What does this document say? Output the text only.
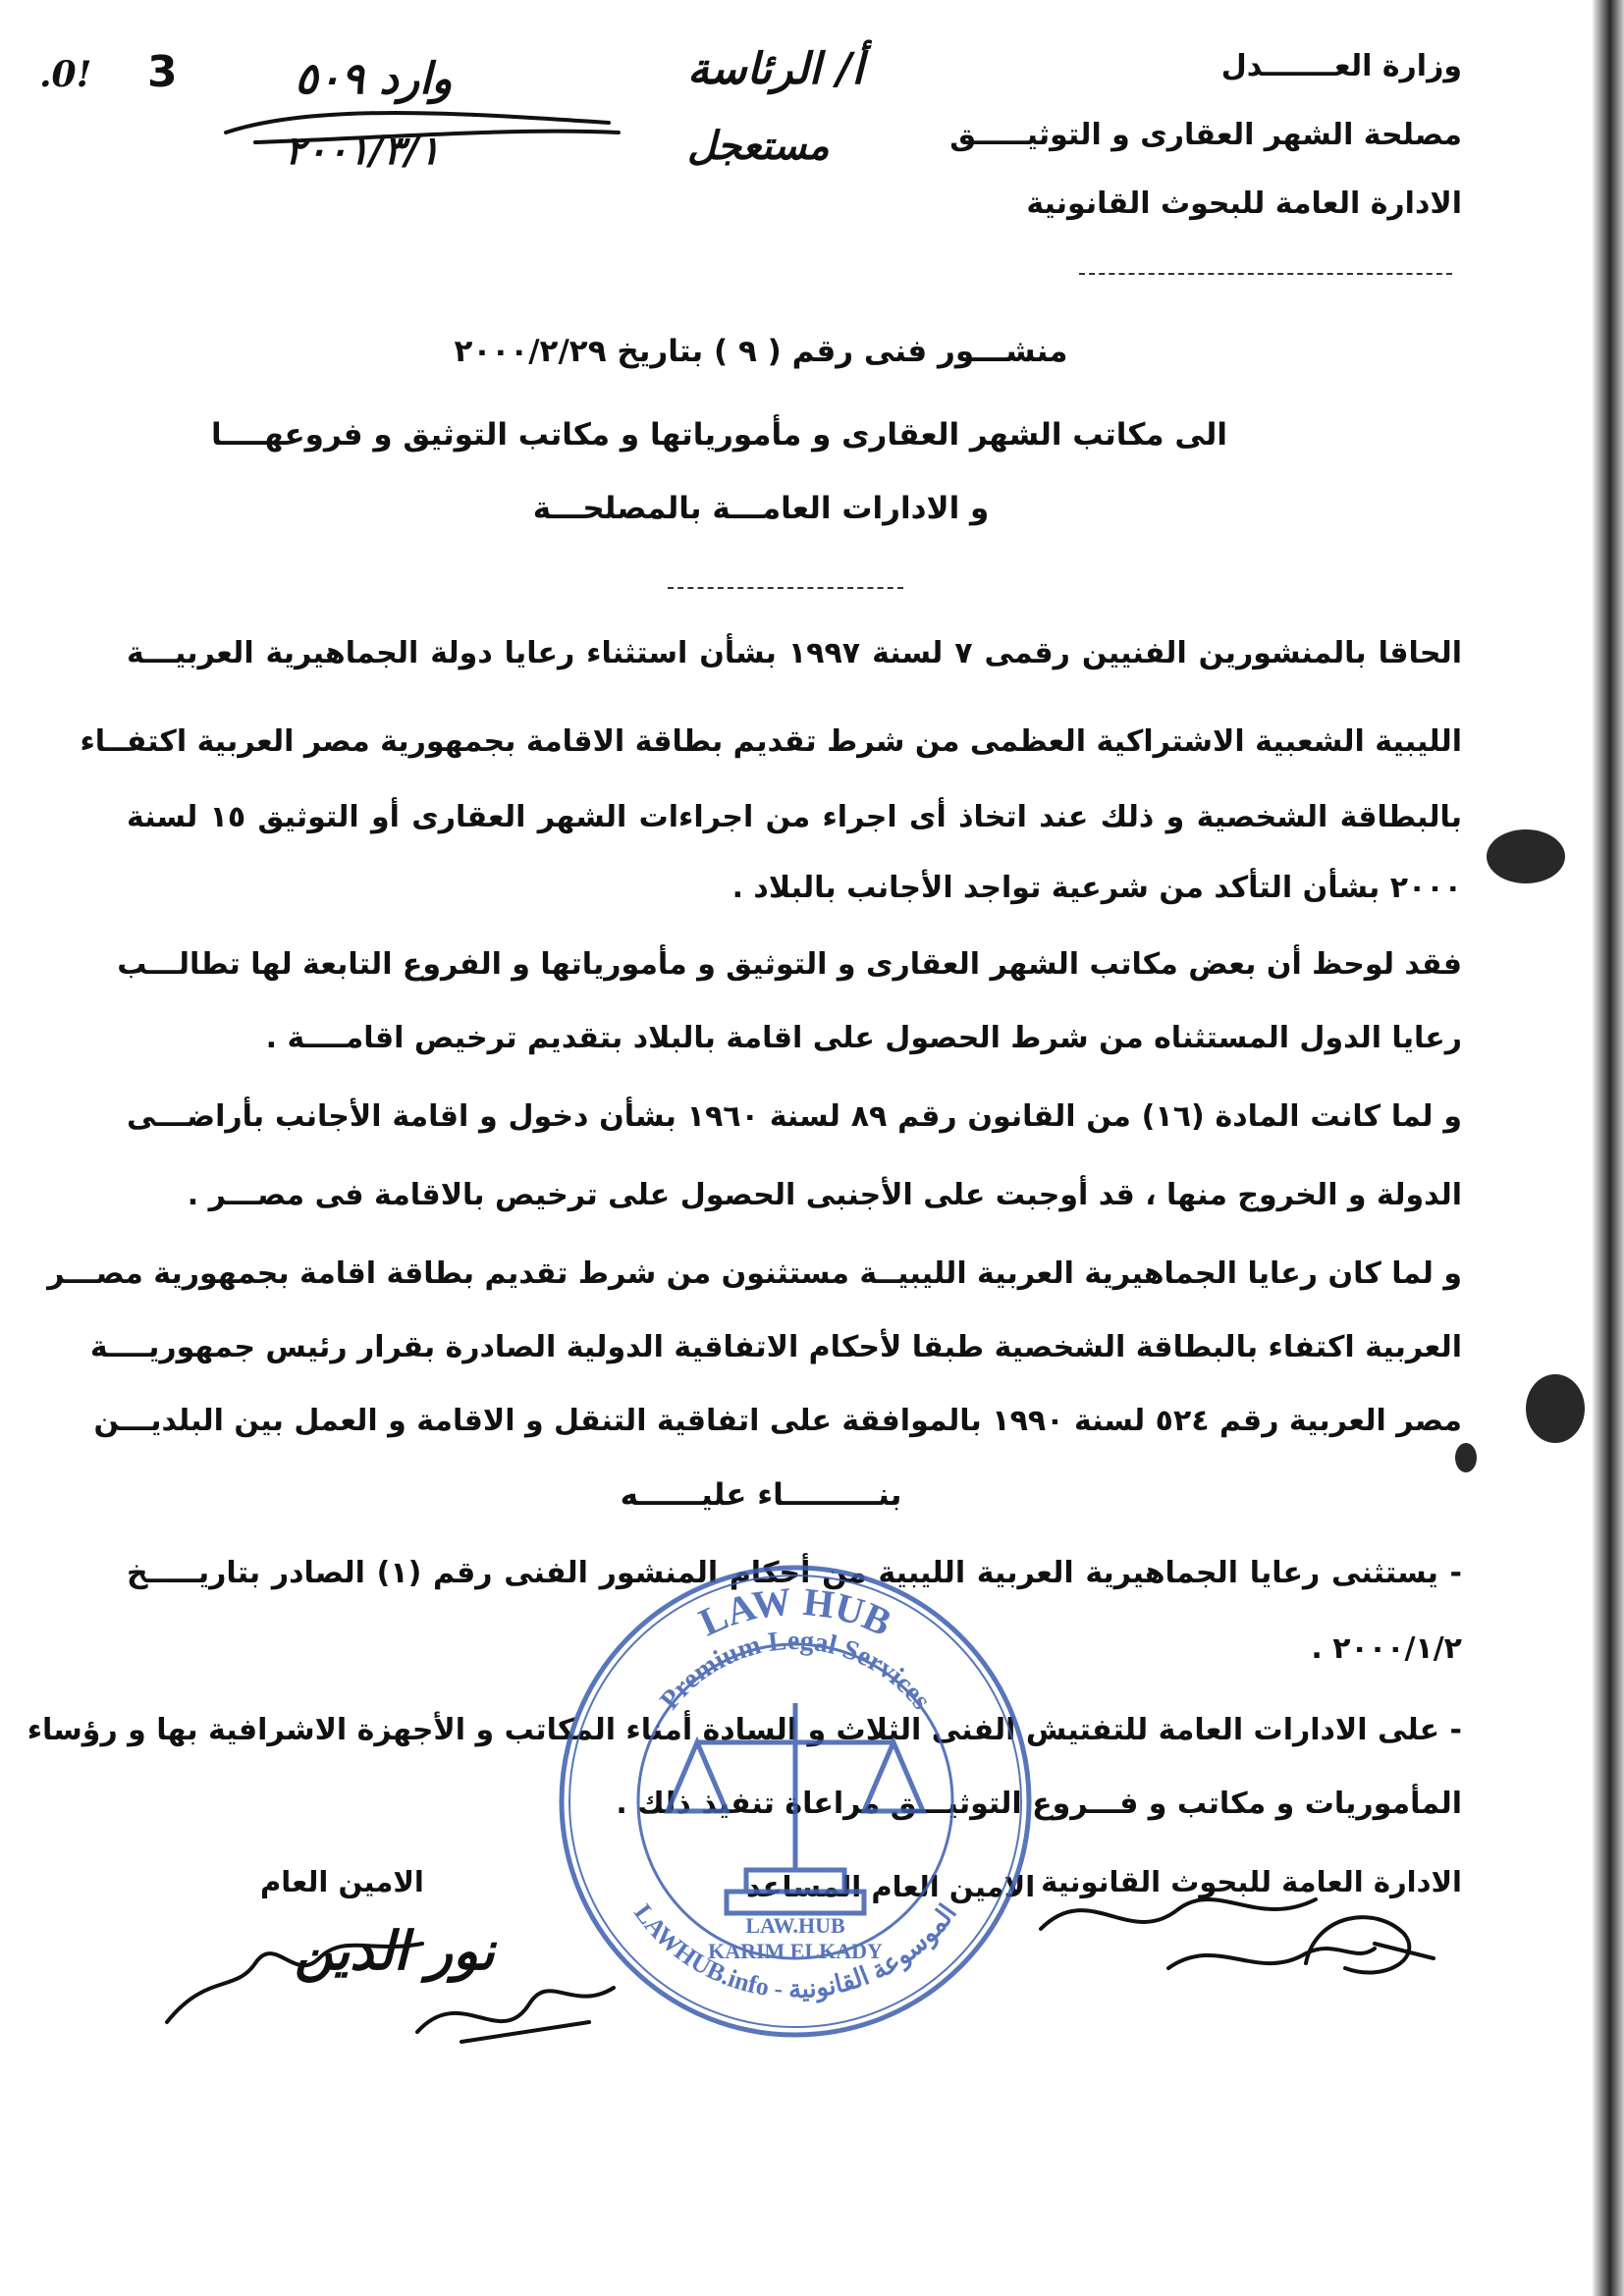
.0! 3	وارد ٥٠٩
٢٠٠١/٣/١
أ/ الرئاسة
مستعجل
وزارة العـــــــدل
مصلحة الشهر العقارى و التوثيـــــق
الادارة العامة للبحوث القانونية
منشـــور فنى رقم ( ٩ ) بتاريخ ٢٠٠٠/٢/٢٩
الى مكاتب الشهر العقارى و مأمورياتها و مكاتب التوثيق و فروعهــــا
و الادارات العامـــة بالمصلحـــة
الحاقا بالمنشورين الفنيين رقمى ٧ لسنة ١٩٩٧ بشأن استثناء رعايا دولة الجماهيرية العربيـــة
الليبية الشعبية الاشتراكية العظمى من شرط تقديم بطاقة الاقامة بجمهورية مصر العربية اكتفــاء
بالبطاقة الشخصية و ذلك عند اتخاذ أى اجراء من اجراءات الشهر العقارى أو التوثيق ١٥ لسنة
٢٠٠٠ بشأن التأكد من شرعية تواجد الأجانب بالبلاد .
فقد لوحظ أن بعض مكاتب الشهر العقارى و التوثيق و مأمورياتها و الفروع التابعة لها تطالـــب
رعايا الدول المستثناه من شرط الحصول على اقامة بالبلاد بتقديم ترخيص اقامــــة .
و لما كانت المادة (١٦) من القانون رقم ٨٩ لسنة ١٩٦٠ بشأن دخول و اقامة الأجانب بأراضـــى
الدولة و الخروج منها ، قد أوجبت على الأجنبى الحصول على ترخيص بالاقامة فى مصـــر .
و لما كان رعايا الجماهيرية العربية الليبيــة مستثنون من شرط تقديم بطاقة اقامة بجمهورية مصـــر
العربية اكتفاء بالبطاقة الشخصية طبقا لأحكام الاتفاقية الدولية الصادرة بقرار رئيس جمهوريــــة
مصر العربية رقم ٥٢٤ لسنة ١٩٩٠ بالموافقة على اتفاقية التنقل و الاقامة و العمل بين البلديـــن
بنـــــــــاء عليــــــه
- يستثنى رعايا الجماهيرية العربية الليبية من أحكام المنشور الفنى رقم (١) الصادر بتاريـــــخ
٢٠٠٠/١/٢ .
- على الادارات العامة للتفتيش الفنى الثلاث و السادة أمناء المكاتب و الأجهزة الاشرافية بها و رؤساء
المأموريات و مكاتب و فـــروع التوثيـــق مراعاة تنفيذ ذلك .
الادارة العامة للبحوث القانونية
الامين العام المساعد
الامين العام
نور الدين
LAW HUB
Premium Legal Services
LAWHUB.info - الموسوعة القانونية
LAW.HUB
KARIM ELKADY
